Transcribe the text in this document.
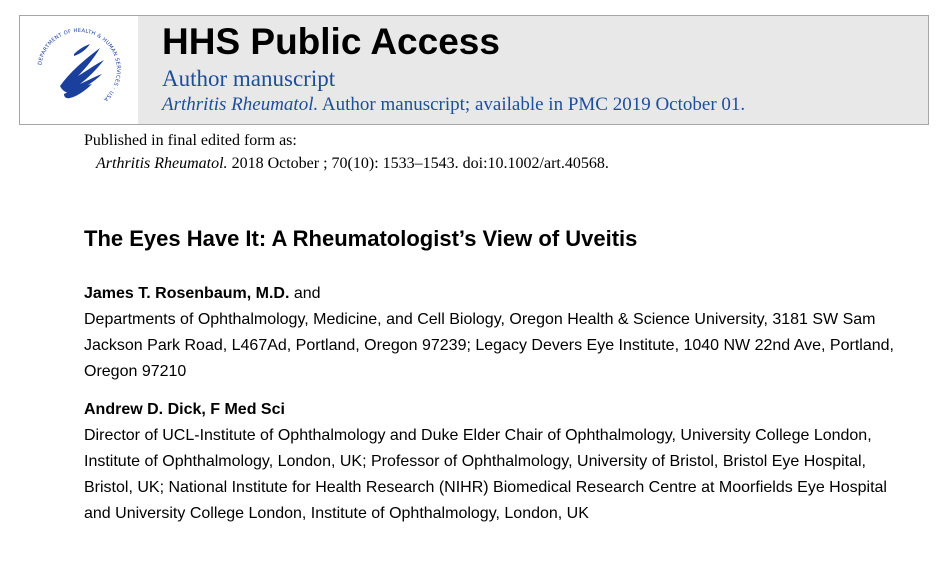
DEPARTMENT OF HEALTH & HUMAN SERVICES · USA
HHS Public Access
Author manuscript
Arthritis Rheumatol. Author manuscript; available in PMC 2019 October 01.
Published in final edited form as:
Arthritis Rheumatol. 2018 October ; 70(10): 1533–1543. doi:10.1002/art.40568.
The Eyes Have It: A Rheumatologist’s View of Uveitis
James T. Rosenbaum, M.D. and
Departments of Ophthalmology, Medicine, and Cell Biology, Oregon Health & Science University, 3181 SW Sam Jackson Park Road, L467Ad, Portland, Oregon 97239; Legacy Devers Eye Institute, 1040 NW 22nd Ave, Portland, Oregon 97210
Andrew D. Dick, F Med Sci
Director of UCL-Institute of Ophthalmology and Duke Elder Chair of Ophthalmology, University College London, Institute of Ophthalmology, London, UK; Professor of Ophthalmology, University of Bristol, Bristol Eye Hospital, Bristol, UK; National Institute for Health Research (NIHR) Biomedical Research Centre at Moorfields Eye Hospital and University College London, Institute of Ophthalmology, London, UK
